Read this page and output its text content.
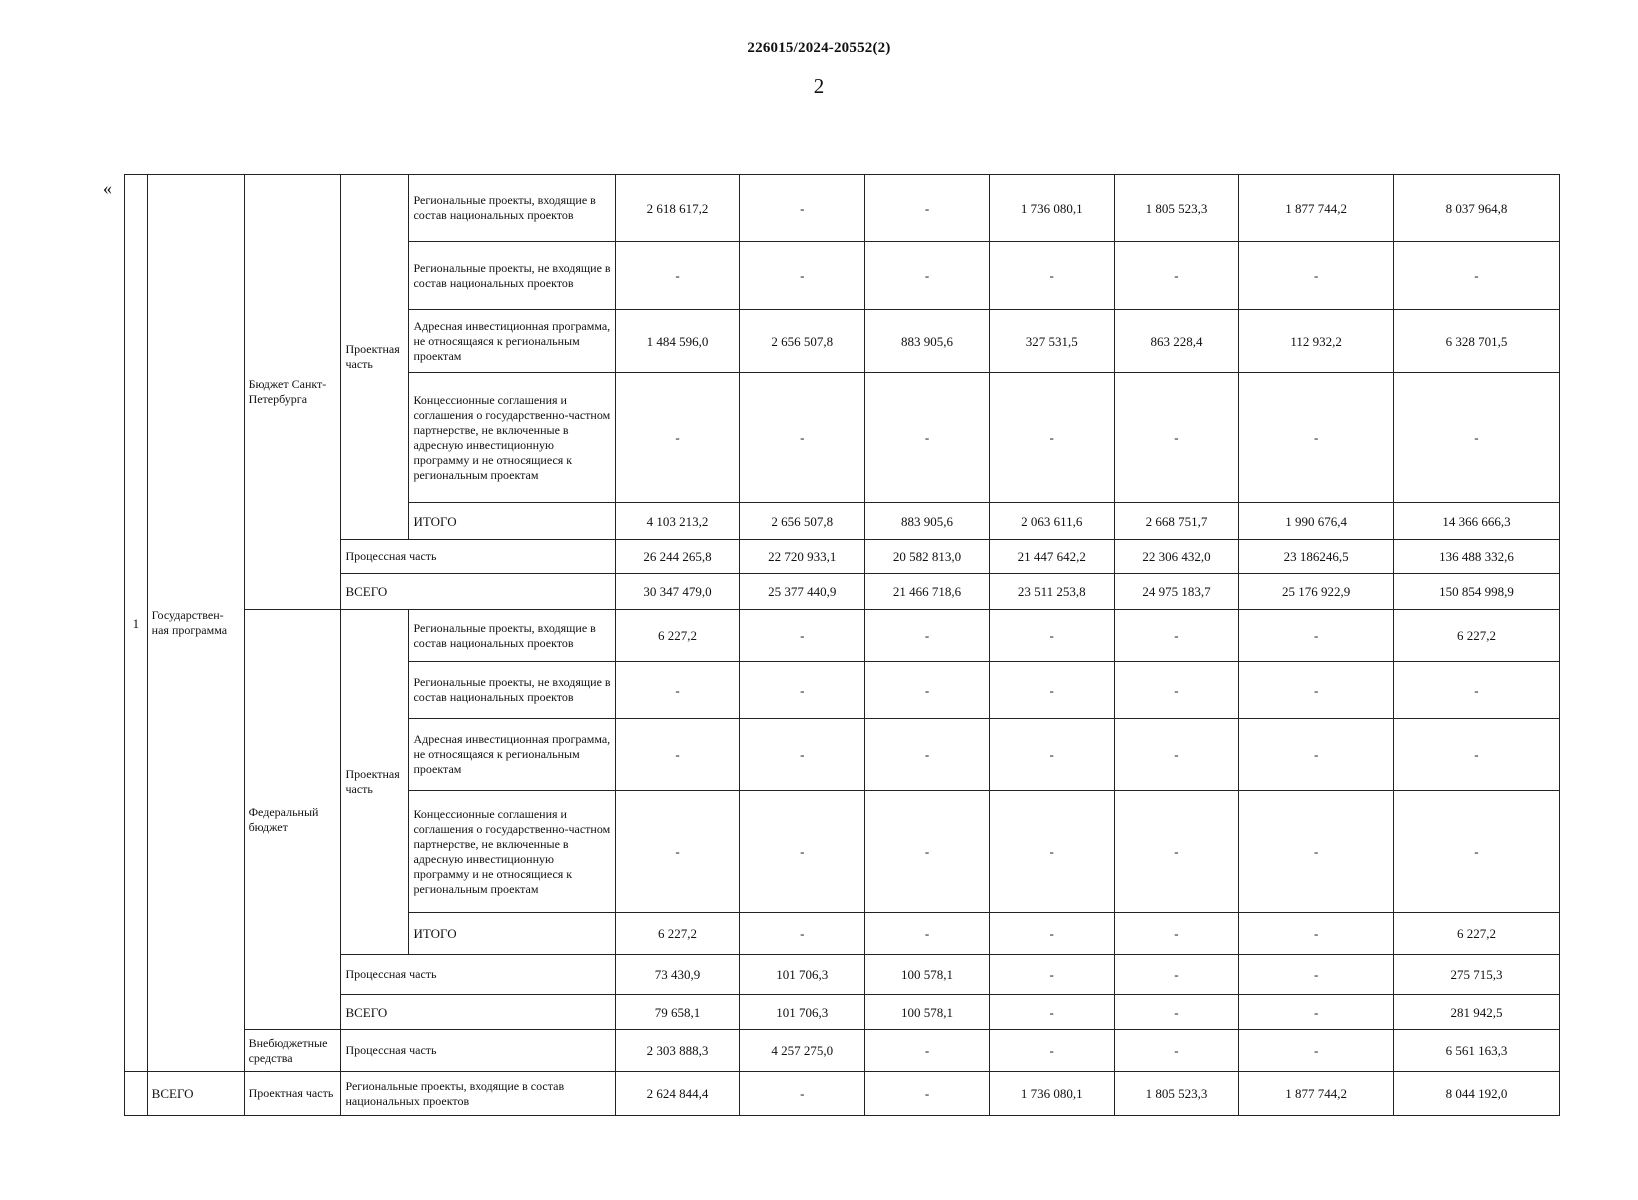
226015/2024-20552(2)
2
«
1	Государствен-ная программа	Бюджет Санкт-Петербурга	Проектная часть	Региональные проекты, входящие в состав национальных проектов	2 618 617,2	-	-	1 736 080,1	1 805 523,3	1 877 744,2	8 037 964,8
				Региональные проекты, не входящие в состав национальных проектов	-	-	-	-	-	-	-
				Адресная инвестиционная программа, не относящаяся к региональным проектам	1 484 596,0	2 656 507,8	883 905,6	327 531,5	863 228,4	112 932,2	6 328 701,5
				Концессионные соглашения и соглашения о государственно-частном партнерстве, не включенные в адресную инвестиционную программу и не относящиеся к региональным проектам	-	-	-	-	-	-	-
				ИТОГО	4 103 213,2	2 656 507,8	883 905,6	2 063 611,6	2 668 751,7	1 990 676,4	14 366 666,3
			Процессная часть		26 244 265,8	22 720 933,1	20 582 813,0	21 447 642,2	22 306 432,0	23 186246,5	136 488 332,6
			ВСЕГО		30 347 479,0	25 377 440,9	21 466 718,6	23 511 253,8	24 975 183,7	25 176 922,9	150 854 998,9
		Федеральный бюджет	Проектная часть	Региональные проекты, входящие в состав национальных проектов	6 227,2	-	-	-	-	-	6 227,2
				Региональные проекты, не входящие в состав национальных проектов	-	-	-	-	-	-	-
				Адресная инвестиционная программа, не относящаяся к региональным проектам	-	-	-	-	-	-	-
				Концессионные соглашения и соглашения о государственно-частном партнерстве, не включенные в адресную инвестиционную программу и не относящиеся к региональным проектам	-	-	-	-	-	-	-
				ИТОГО	6 227,2	-	-	-	-	-	6 227,2
			Процессная часть		73 430,9	101 706,3	100 578,1	-	-	-	275 715,3
			ВСЕГО		79 658,1	101 706,3	100 578,1	-	-	-	281 942,5
		Внебюджетные средства	Процессная часть		2 303 888,3	4 257 275,0	-	-	-	-	6 561 163,3
	ВСЕГО	Проектная часть	Региональные проекты, входящие в состав национальных проектов	2 624 844,4	-	-	1 736 080,1	1 805 523,3	1 877 744,2	8 044 192,0
